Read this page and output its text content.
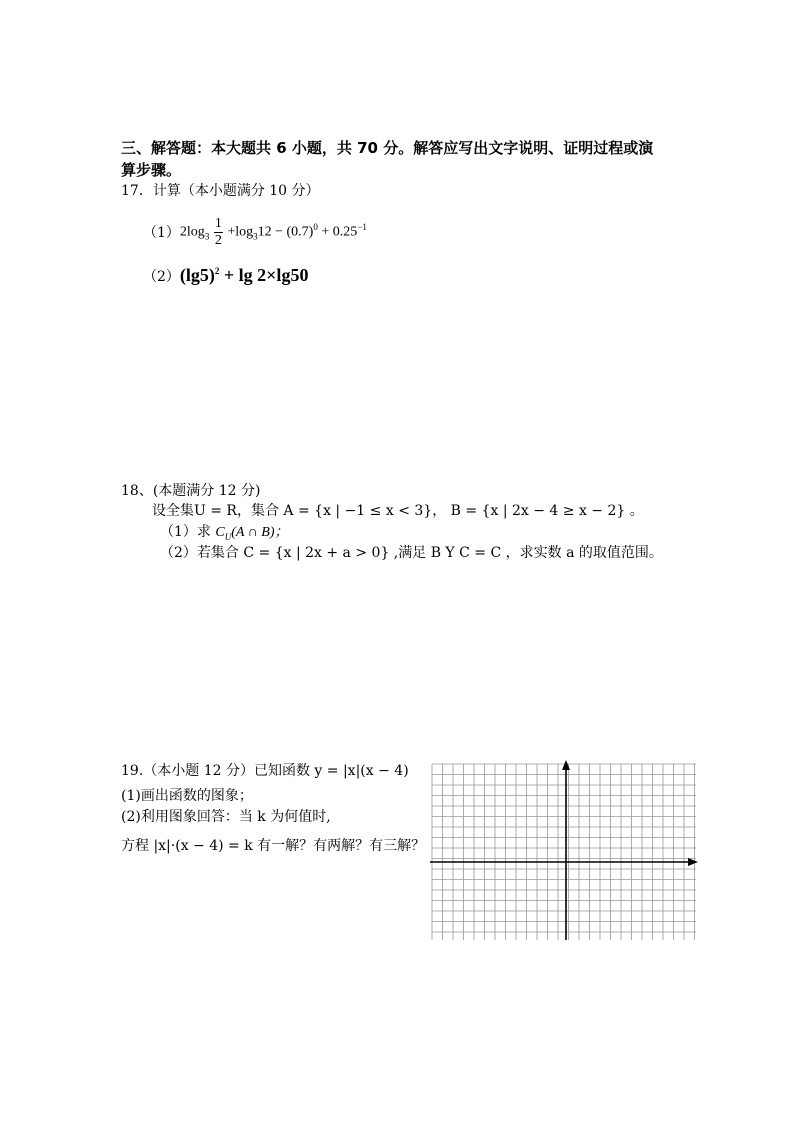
三、解答题：本大题共 6 小题，共 70 分。解答应写出文字说明、证明过程或演
算步骤。
17．计算（本小题满分 10 分）
（1） $2\log_3 \frac{1}{2} +\log_312 - (0.7)^0 + 0.25^{-1}$
（2） $(\lg 5)^2 + \lg 2\times\lg 50$
18、(本题满分 12 分)
设全集U = R，集合 A = {x | −1 ≤ x < 3}， B = {x | 2x − 4 ≥ x − 2} 。
（1）求 $C_U(A$ ∩ B)；
（2）若集合 C = {x | 2x + a > 0} ,满足 B Y C = C ，求实数 a 的取值范围。
19.（本小题 12 分）已知函数 y = |x|(x − 4)
(1)画出函数的图象；
(2)利用图象回答：当 k 为何值时,
方程 |x|·(x − 4) = k 有一解？有两解？有三解？
